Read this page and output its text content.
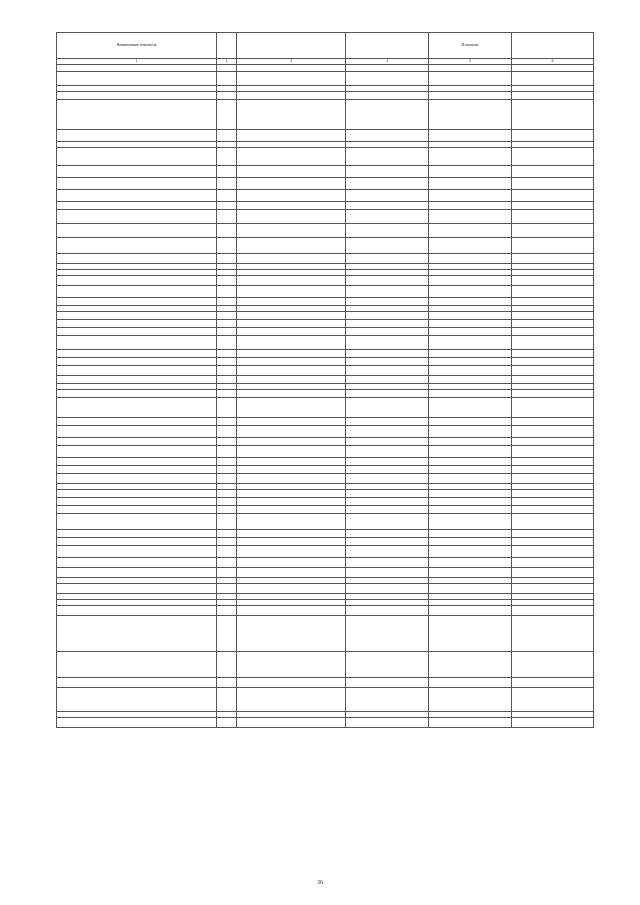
Наименование показателя				Исполнено	
1	2	3	4	5	6

36
